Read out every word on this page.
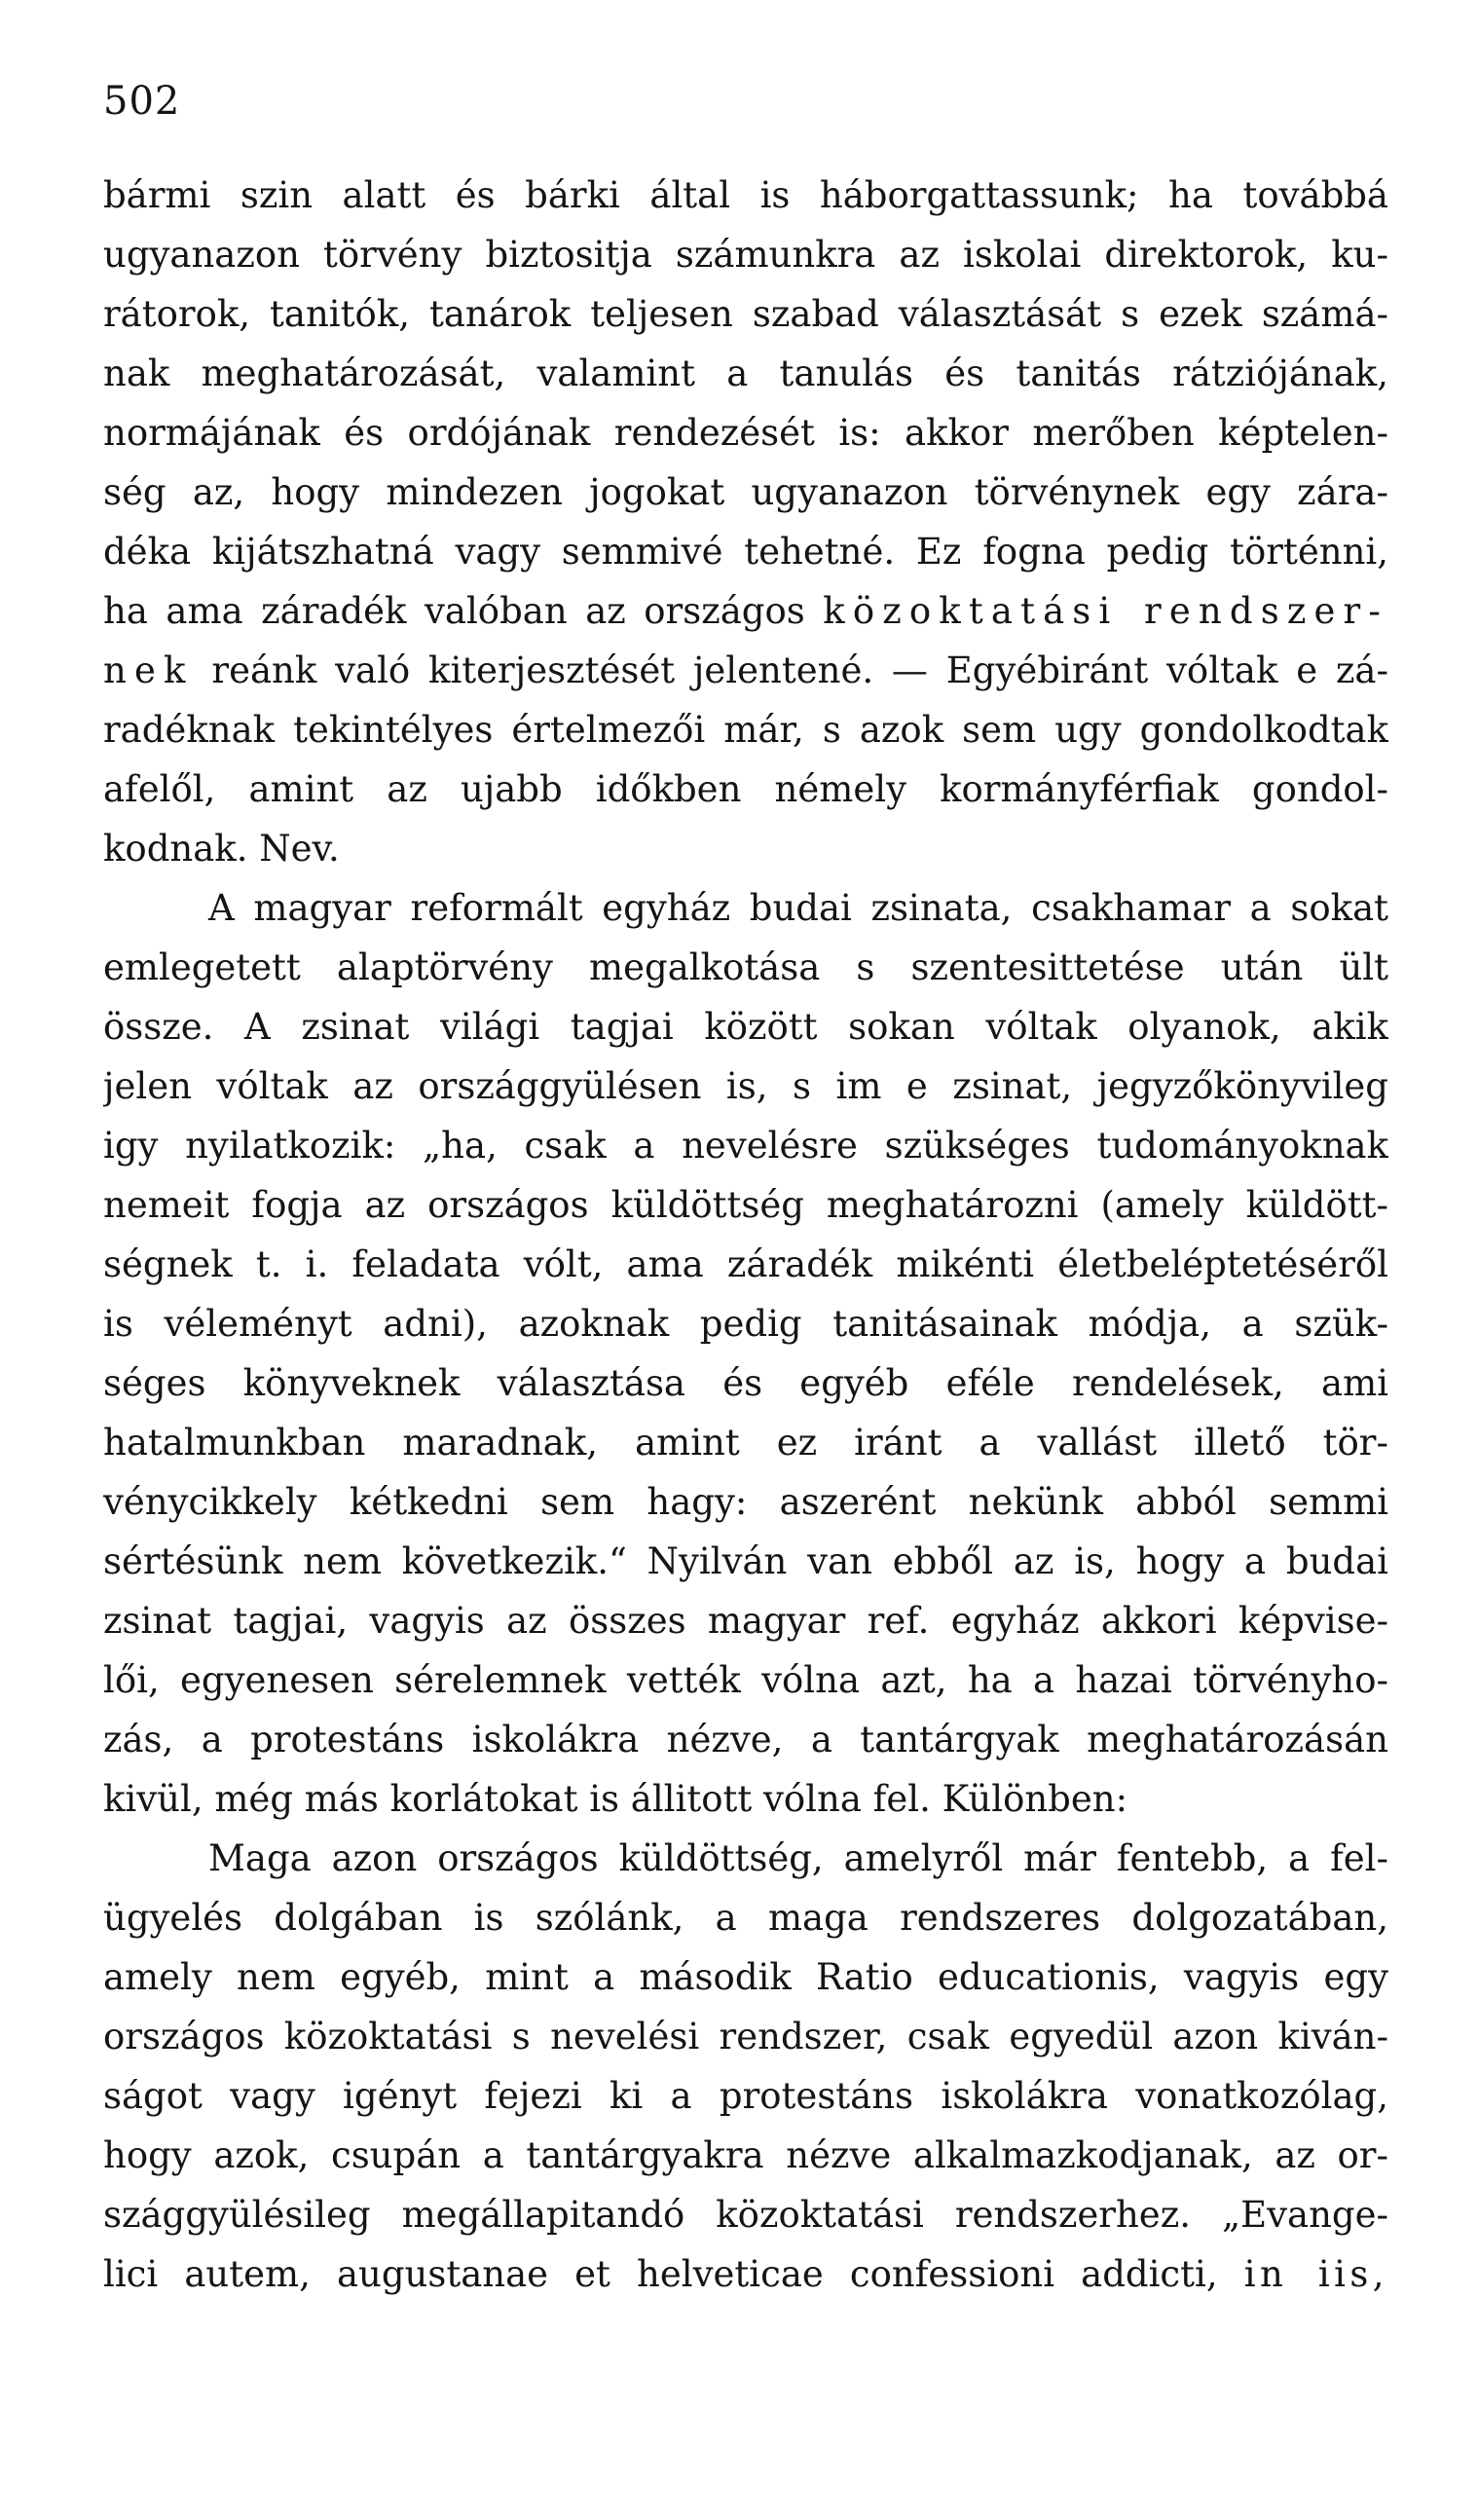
502
bármi szin alatt és bárki által is háborgattassunk; ha továbbá
ugyanazon törvény biztositja számunkra az iskolai direktorok, ku-
rátorok, tanitók, tanárok teljesen szabad választását s ezek számá-
nak meghatározását, valamint a tanulás és tanitás rátziójának,
normájának és ordójának rendezését is: akkor merőben képtelen-
ség az, hogy mindezen jogokat ugyanazon törvénynek egy zára-
déka kijátszhatná vagy semmivé tehetné. Ez fogna pedig történni,
ha ama záradék valóban az országos közoktatási rendszer-
nek reánk való kiterjesztését jelentené. — Egyébiránt vóltak e zá-
radéknak tekintélyes értelmezői már, s azok sem ugy gondolkodtak
afelől, amint az ujabb időkben némely kormányférfiak gondol-
kodnak. Nev.
A magyar reformált egyház budai zsinata, csakhamar a sokat
emlegetett alaptörvény megalkotása s szentesittetése után ült
össze. A zsinat világi tagjai között sokan vóltak olyanok, akik
jelen vóltak az országgyülésen is, s im e zsinat, jegyzőkönyvileg
igy nyilatkozik: „ha, csak a nevelésre szükséges tudományoknak
nemeit fogja az országos küldöttség meghatározni (amely küldött-
ségnek t. i. feladata vólt, ama záradék mikénti életbeléptetéséről
is véleményt adni), azoknak pedig tanitásainak módja, a szük-
séges könyveknek választása és egyéb eféle rendelések, ami
hatalmunkban maradnak, amint ez iránt a vallást illető tör-
vénycikkely kétkedni sem hagy: aszerént nekünk abból semmi
sértésünk nem következik.“ Nyilván van ebből az is, hogy a budai
zsinat tagjai, vagyis az összes magyar ref. egyház akkori képvise-
lői, egyenesen sérelemnek vették vólna azt, ha a hazai törvényho-
zás, a protestáns iskolákra nézve, a tantárgyak meghatározásán
kivül, még más korlátokat is állitott vólna fel. Különben:
Maga azon országos küldöttség, amelyről már fentebb, a fel-
ügyelés dolgában is szólánk, a maga rendszeres dolgozatában,
amely nem egyéb, mint a második Ratio educationis, vagyis egy
országos közoktatási s nevelési rendszer, csak egyedül azon kiván-
ságot vagy igényt fejezi ki a protestáns iskolákra vonatkozólag,
hogy azok, csupán a tantárgyakra nézve alkalmazkodjanak, az or-
szággyülésileg megállapitandó közoktatási rendszerhez. „Evange-
lici autem, augustanae et helveticae confessioni addicti, in iis,
